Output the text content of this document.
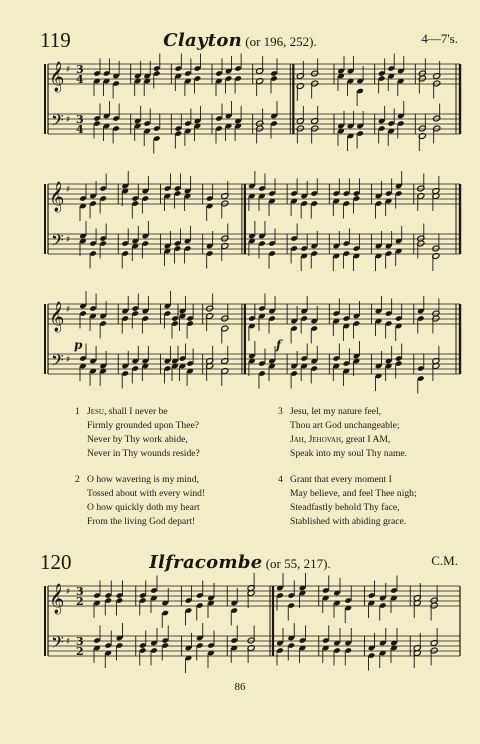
119	Clayton (or 196, 252).	4—7's.
𝄞
𝄢
♯
♯
3
4
3
4
𝄞
𝄢
♯
♯
𝄞
𝄢
♯
♯
p	f
𝄞
𝄢
♯
♯
3
2
3
2
1 Jesu, shall I never be
Firmly grounded upon Thee?
Never by Thy work abide,
Never in Thy wounds reside?
2 O how wavering is my mind,
Tossed about with every wind!
O how quickly doth my heart
From the living God depart!
3 Jesu, let my nature feel,
Thou art God unchangeable;
Jah, Jehovah, great I AM,
Speak into my soul Thy name.
4 Grant that every moment I
May believe, and feel Thee nigh;
Steadfastly behold Thy face,
Stablished with abiding grace.
120	Ilfracombe (or 55, 217).	C.M.
86
